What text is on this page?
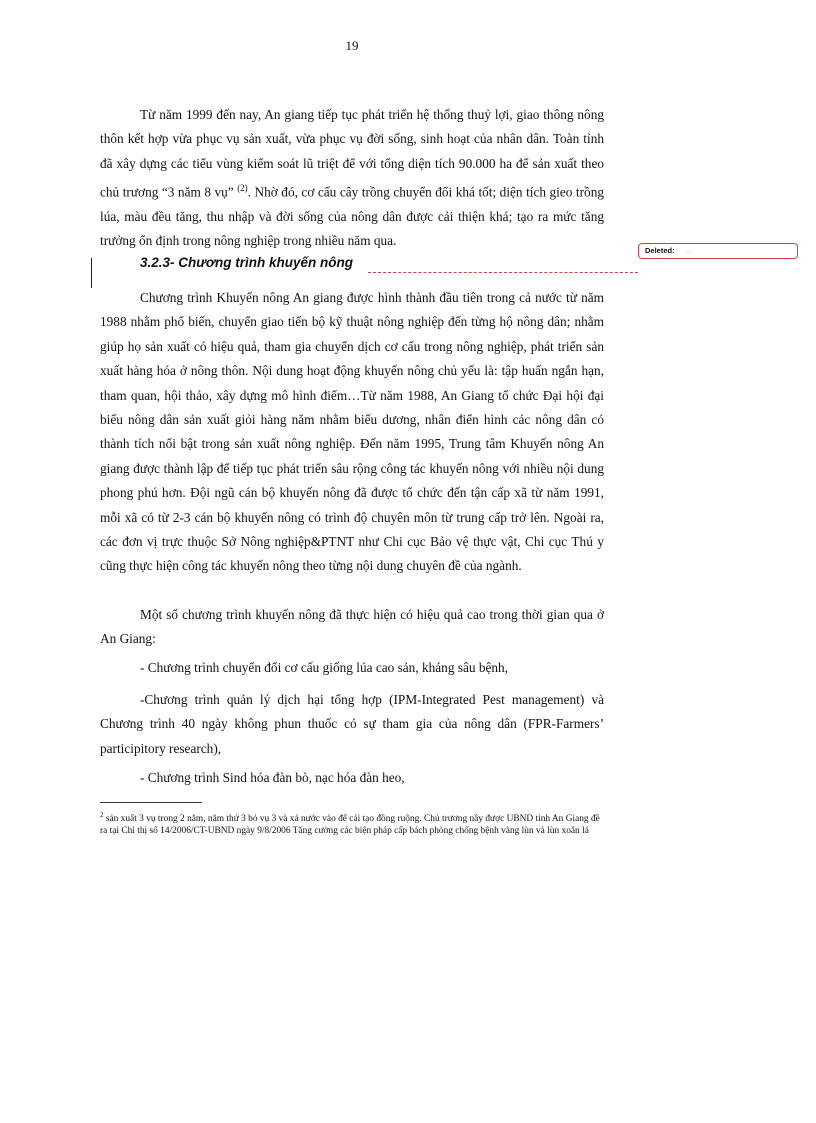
19

Từ năm 1999 đến nay, An giang tiếp tục phát triển hệ thống thuỷ lợi, giao thông nông thôn kết hợp vừa phục vụ sản xuất, vừa phục vụ đời sống, sinh hoạt của nhân dân. Toàn tỉnh đã xây dựng các tiểu vùng kiểm soát lũ triệt để với tổng diện tích 90.000 ha để sản xuất theo chủ trương “3 năm 8 vụ” $^{(2)}$. Nhờ đó, cơ cấu cây trồng chuyển đổi khá tốt; diện tích gieo trồng lúa, màu đều tăng, thu nhập và đời sống của nông dân được cải thiện khá; tạo ra mức tăng trưởng ổn định trong nông nghiệp trong nhiều năm qua.

3.2.3- Chương trình khuyến nông
Deleted: .

Chương trình Khuyến nông An giang được hình thành đầu tiên trong cả nước từ năm 1988 nhằm phổ biến, chuyển giao tiến bộ kỹ thuật nông nghiệp đến từng hộ nông dân; nhằm giúp họ sản xuất có hiệu quả, tham gia chuyển dịch cơ cấu trong nông nghiệp, phát triển sản xuất hàng hóa ở nông thôn. Nội dung hoạt động khuyến nông chủ yếu là: tập huấn ngắn hạn, tham quan, hội thảo, xây dựng mô hình điểm…Từ năm 1988, An Giang tổ chức Đại hội đại biểu nông dân sản xuất giỏi hàng năm nhằm biểu dương, nhân điển hình các nông dân có thành tích nổi bật trong sản xuất nông nghiệp. Đến năm 1995, Trung tâm Khuyến nông An giang được thành lập để tiếp tục phát triển sâu rộng công tác khuyến nông với nhiều nội dung phong phú hơn. Đội ngũ cán bộ khuyến nông đã được tổ chức đến tận cấp xã từ năm 1991, mỗi xã có từ 2-3 cán bộ khuyến nông có trình độ chuyên môn từ trung cấp trở lên. Ngoài ra, các đơn vị trực thuộc Sở Nông nghiệp&PTNT như Chi cục Bảo vệ thực vật, Chi cục Thú y cũng thực hiện công tác khuyến nông theo từng nội dung chuyên đề của ngành.

Một số chương trình khuyến nông đã thực hiện có hiệu quả cao trong thời gian qua ở An Giang:

- Chương trình chuyển đổi cơ cấu giống lúa cao sản, kháng sâu bệnh,

-Chương trình quản lý dịch hại tổng hợp (IPM-Integrated Pest management) và Chương trình 40 ngày không phun thuốc có sự tham gia của nông dân (FPR-Farmers’ participitory research),

- Chương trình Sind hóa đàn bò, nạc hóa đàn heo,

$^2$ sản xuất 3 vụ trong 2 năm, năm thứ 3 bỏ vụ 3 và xả nước vào để cải tạo đồng ruộng. Chủ trương nầy được UBND tỉnh An Giang đề ra tại Chỉ thị số 14/2006/CT-UBND ngày 9/8/2006 Tăng cường các biện pháp cấp bách phòng chống bệnh vàng lùn và lùn xoắn lá
